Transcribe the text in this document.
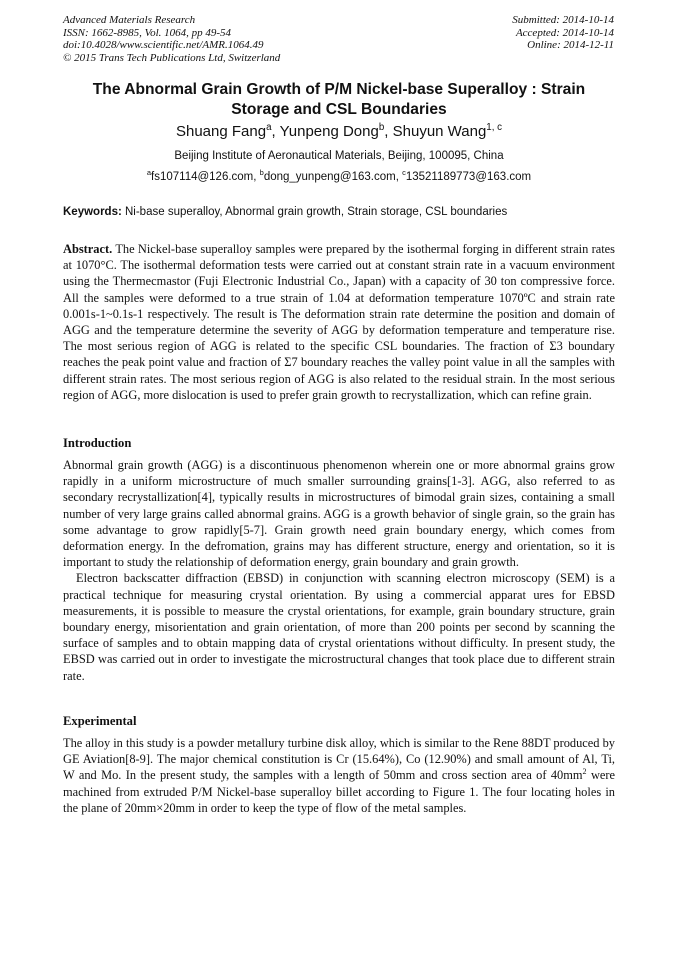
Advanced Materials Research
ISSN: 1662-8985, Vol. 1064, pp 49-54
doi:10.4028/www.scientific.net/AMR.1064.49
© 2015 Trans Tech Publications Ltd, Switzerland
Submitted: 2014-10-14
Accepted: 2014-10-14
Online: 2014-12-11
The Abnormal Grain Growth of P/M Nickel-base Superalloy : Strain
Storage and CSL Boundaries
Shuang Fang$^a$, Yunpeng Dong$^b$, Shuyun Wang$^{1, c}$
Beijing Institute of Aeronautical Materials, Beijing, 100095, China
$^a$fs107114@126.com, $^b$dong_yunpeng@163.com, $^c$13521189773@163.com
Keywords: Ni-base superalloy, Abnormal grain growth, Strain storage, CSL boundaries

Abstract. The Nickel-base superalloy samples were prepared by the isothermal forging in different strain rates at 1070°C. The isothermal deformation tests were carried out at constant strain rate in a vacuum environment using the Thermecmastor (Fuji Electronic Industrial Co., Japan) with a capacity of 30 ton compressive force. All the samples were deformed to a true strain of 1.04 at deformation temperature 1070ºC and strain rate 0.001s-1~0.1s-1 respectively. The result is The deformation strain rate determine the position and domain of AGG and the temperature determine the severity of AGG by deformation temperature and temperature rise. The most serious region of AGG is related to the specific CSL boundaries. The fraction of Σ3 boundary reaches the peak point value and fraction of Σ7 boundary reaches the valley point value in all the samples with different strain rates. The most serious region of AGG is also related to the residual strain. In the most serious region of AGG, more dislocation is used to prefer grain growth to recrystallization, which can refine grain.

Introduction

Abnormal grain growth (AGG) is a discontinuous phenomenon wherein one or more abnormal grains grow rapidly in a uniform microstructure of much smaller surrounding grains[1-3]. AGG, also referred to as secondary recrystallization[4], typically results in microstructures of bimodal grain sizes, containing a small number of very large grains called abnormal grains. AGG is a growth behavior of single grain, so the grain has some advantage to grow rapidly[5-7]. Grain growth need grain boundary energy, which comes from deformation energy. In the defromation, grains may has different structure, energy and orientation, so it is important to study the relationship of deformation energy, grain boundary and grain growth.

Electron backscatter diffraction (EBSD) in conjunction with scanning electron microscopy (SEM) is a practical technique for measuring crystal orientation. By using a commercial apparat ures for EBSD measurements, it is possible to measure the crystal orientations, for example, grain boundary structure, grain boundary energy, misorientation and grain orientation, of more than 200 points per second by scanning the surface of samples and to obtain mapping data of crystal orientations without difficulty. In present study, the EBSD was carried out in order to investigate the microstructural changes that took place due to different strain rate.

Experimental

The alloy in this study is a powder metallury turbine disk alloy, which is similar to the Rene 88DT produced by GE Aviation[8-9]. The major chemical constitution is Cr (15.64%), Co (12.90%) and small amount of Al, Ti, W and Mo. In the present study, the samples with a length of 50mm and cross section area of $40mm^2$ were machined from extruded P/M Nickel-base superalloy billet according to Figure 1. The four locating holes in the plane of 20mm×20mm in order to keep the type of flow of the metal samples.
